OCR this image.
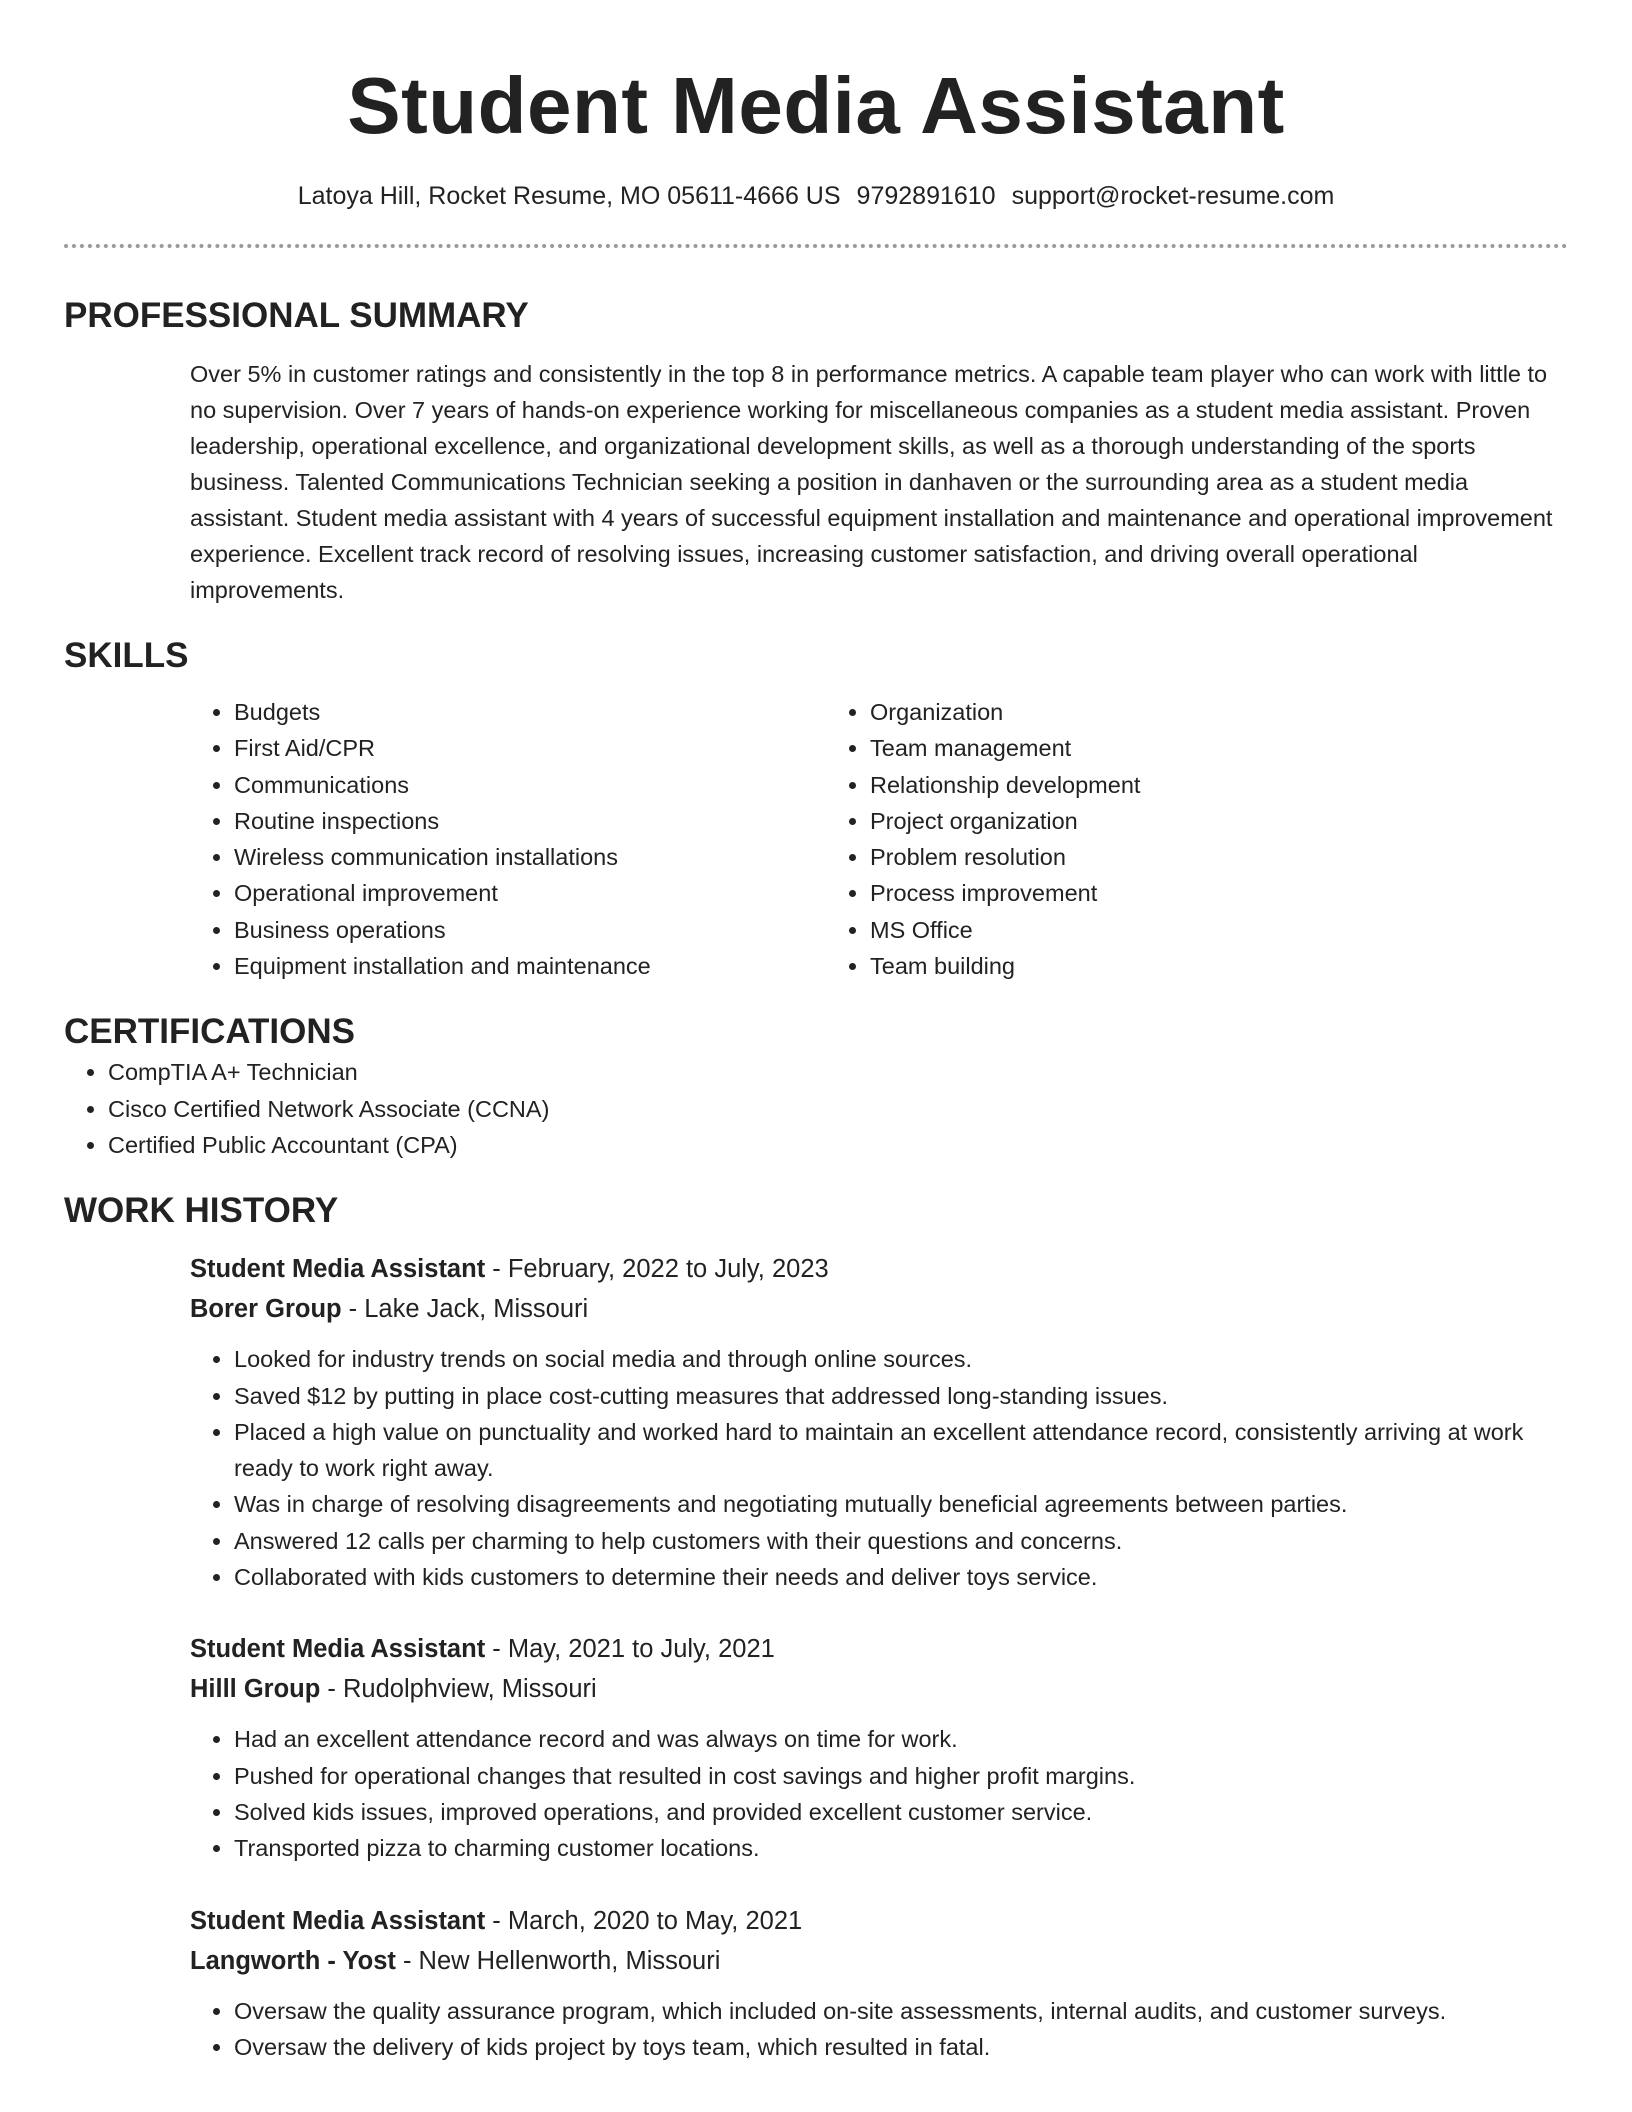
Student Media Assistant
Latoya Hill, Rocket Resume, MO 05611-4666 US 9792891610 support@rocket-resume.com
PROFESSIONAL SUMMARY
Over 5% in customer ratings and consistently in the top 8 in performance metrics. A capable team player who can work with little to no supervision. Over 7 years of hands-on experience working for miscellaneous companies as a student media assistant. Proven leadership, operational excellence, and organizational development skills, as well as a thorough understanding of the sports business. Talented Communications Technician seeking a position in danhaven or the surrounding area as a student media assistant. Student media assistant with 4 years of successful equipment installation and maintenance and operational improvement experience. Excellent track record of resolving issues, increasing customer satisfaction, and driving overall operational improvements.
SKILLS
• Budgets
• First Aid/CPR
• Communications
• Routine inspections
• Wireless communication installations
• Operational improvement
• Business operations
• Equipment installation and maintenance
• Organization
• Team management
• Relationship development
• Project organization
• Problem resolution
• Process improvement
• MS Office
• Team building
CERTIFICATIONS
• CompTIA A+ Technician
• Cisco Certified Network Associate (CCNA)
• Certified Public Accountant (CPA)
WORK HISTORY
Student Media Assistant - February, 2022 to July, 2023
Borer Group - Lake Jack, Missouri
• Looked for industry trends on social media and through online sources.
• Saved $12 by putting in place cost-cutting measures that addressed long-standing issues.
• Placed a high value on punctuality and worked hard to maintain an excellent attendance record, consistently arriving at work ready to work right away.
• Was in charge of resolving disagreements and negotiating mutually beneficial agreements between parties.
• Answered 12 calls per charming to help customers with their questions and concerns.
• Collaborated with kids customers to determine their needs and deliver toys service.
Student Media Assistant - May, 2021 to July, 2021
Hilll Group - Rudolphview, Missouri
• Had an excellent attendance record and was always on time for work.
• Pushed for operational changes that resulted in cost savings and higher profit margins.
• Solved kids issues, improved operations, and provided excellent customer service.
• Transported pizza to charming customer locations.
Student Media Assistant - March, 2020 to May, 2021
Langworth - Yost - New Hellenworth, Missouri
• Oversaw the quality assurance program, which included on-site assessments, internal audits, and customer surveys.
• Oversaw the delivery of kids project by toys team, which resulted in fatal.
